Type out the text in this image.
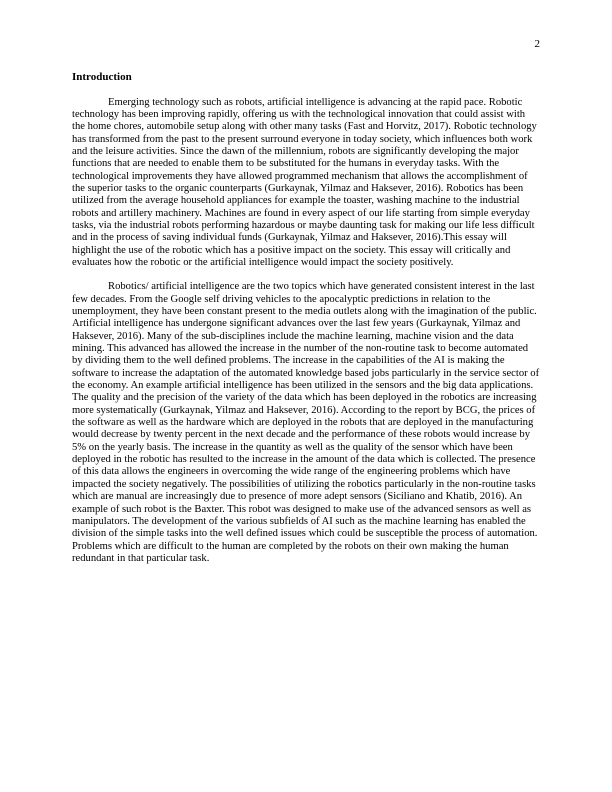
2
Introduction

Emerging technology such as robots, artificial intelligence is advancing at the rapid pace. Robotic technology has been improving rapidly, offering us with the technological innovation that could assist with the home chores, automobile setup along with other many tasks (Fast and Horvitz, 2017). Robotic technology has transformed from the past to the present surround everyone in today society, which influences both work and the leisure activities. Since the dawn of the millennium, robots are significantly developing the major functions that are needed to enable them to be substituted for the humans in everyday tasks. With the technological improvements they have allowed programmed mechanism that allows the accomplishment of the superior tasks to the organic counterparts (Gurkaynak, Yilmaz and Haksever, 2016). Robotics has been utilized from the average household appliances for example the toaster, washing machine to the industrial robots and artillery machinery. Machines are found in every aspect of our life starting from simple everyday tasks, via the industrial robots performing hazardous or maybe daunting task for making our life less difficult and in the process of saving individual funds (Gurkaynak, Yilmaz and Haksever, 2016).This essay will highlight the use of the robotic which has a positive impact on the society. This essay will critically and evaluates how the robotic or the artificial intelligence would impact the society positively.

Robotics/ artificial intelligence are the two topics which have generated consistent interest in the last few decades. From the Google self driving vehicles to the apocalyptic predictions in relation to the unemployment, they have been constant present to the media outlets along with the imagination of the public. Artificial intelligence has undergone significant advances over the last few years (Gurkaynak, Yilmaz and Haksever, 2016). Many of the sub-disciplines include the machine learning, machine vision and the data mining. This advanced has allowed the increase in the number of the non-routine task to become automated by dividing them to the well defined problems. The increase in the capabilities of the AI is making the software to increase the adaptation of the automated knowledge based jobs particularly in the service sector of the economy. An example artificial intelligence has been utilized in the sensors and the big data applications. The quality and the precision of the variety of the data which has been deployed in the robotics are increasing more systematically (Gurkaynak, Yilmaz and Haksever, 2016). According to the report by BCG, the prices of the software as well as the hardware which are deployed in the robots that are deployed in the manufacturing would decrease by twenty percent in the next decade and the performance of these robots would increase by 5% on the yearly basis. The increase in the quantity as well as the quality of the sensor which have been deployed in the robotic has resulted to the increase in the amount of the data which is collected. The presence of this data allows the engineers in overcoming the wide range of the engineering problems which have impacted the society negatively. The possibilities of utilizing the robotics particularly in the non-routine tasks which are manual are increasingly due to presence of more adept sensors (Siciliano and Khatib, 2016). An example of such robot is the Baxter. This robot was designed to make use of the advanced sensors as well as manipulators. The development of the various subfields of AI such as the machine learning has enabled the division of the simple tasks into the well defined issues which could be susceptible the process of automation. Problems which are difficult to the human are completed by the robots on their own making the human redundant in that particular task.
